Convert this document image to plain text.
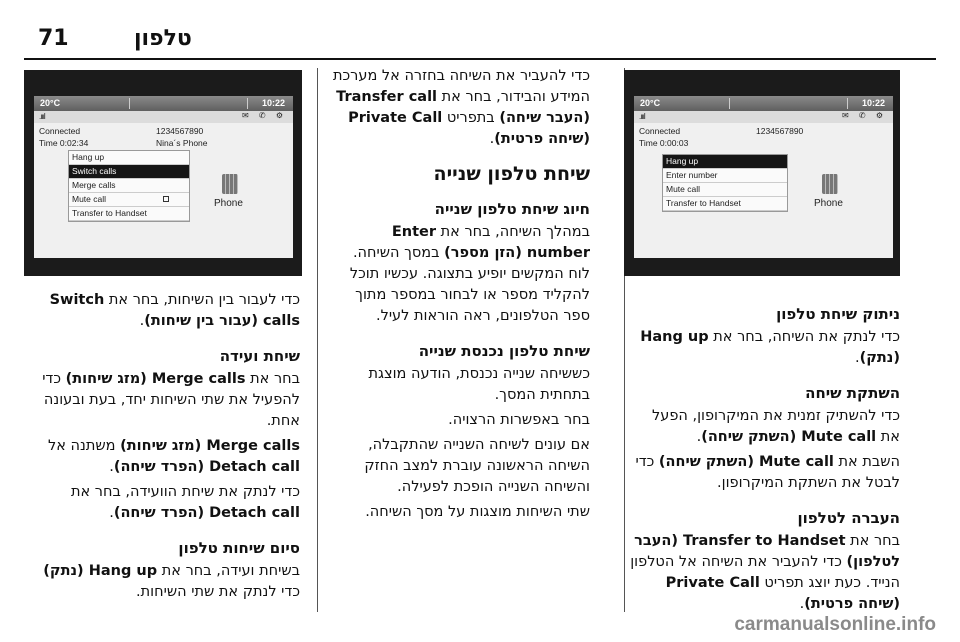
71	טלפון
20°C	10:22
.ıııl	✉ ✆ ⚙
Connected
Time 0:00:03
1234567890
Hang up
Enter number
Mute call
Transfer to Handset	Phone
ניתוק שיחת טלפון

כדי לנתק את השיחה, בחר את Hang up (נתק).

השתקת שיחה

כדי להשתיק זמנית את המיקרופון, הפעל את Mute call (השתק שיחה).

השבת את Mute call (השתק שיחה) כדי לבטל את השתקת המיקרופון.

העברה לטלפון

בחר את Transfer to Handset (העבר לטלפון) כדי להעביר את השיחה אל הטלפון הנייד. כעת יוצג תפריט Private Call (שיחה פרטית).

כדי להעביר את השיחה בחזרה אל מערכת המידע והבידור, בחר את Transfer call (העבר שיחה) בתפריט Private Call (שיחה פרטית).

שיחת טלפון שנייה
חיוג שיחת טלפון שנייה

במהלך השיחה, בחר את Enter number (הזן מספר) במסך השיחה. לוח המקשים יופיע בתצוגה. עכשיו תוכל להקליד מספר או לבחור במספר מתוך ספר הטלפונים, ראה הוראות לעיל.

שיחת טלפון נכנסת שנייה

כששיחה שנייה נכנסת, הודעה מוצגת בתחתית המסך.

בחר באפשרות הרצויה.

אם עונים לשיחה השנייה שהתקבלה, השיחה הראשונה עוברת למצב החזק והשיחה השנייה הופכת לפעילה.

שתי השיחות מוצגות על מסך השיחה.

20°C	10:22
.ıııl	✉ ✆ ⚙
Connected
Time 0:02:34
1234567890
Nina´s Phone
Hang up
Switch calls
Merge calls
Mute call
Transfer to Handset
Phone

כדי לעבור בין השיחות, בחר את Switch calls (עבור בין שיחות).

שיחת ועידה

בחר את Merge calls (מזג שיחות) כדי להפעיל את שתי השיחות יחד, בעת ובעונה אחת.

Merge calls (מזג שיחות) משתנה אל Detach call (הפרד שיחה).

כדי לנתק את שיחת הוועידה, בחר את Detach call (הפרד שיחה).

סיום שיחות טלפון

בשיחת ועידה, בחר את Hang up (נתק) כדי לנתק את שתי השיחות.

carmanualsonline.info
